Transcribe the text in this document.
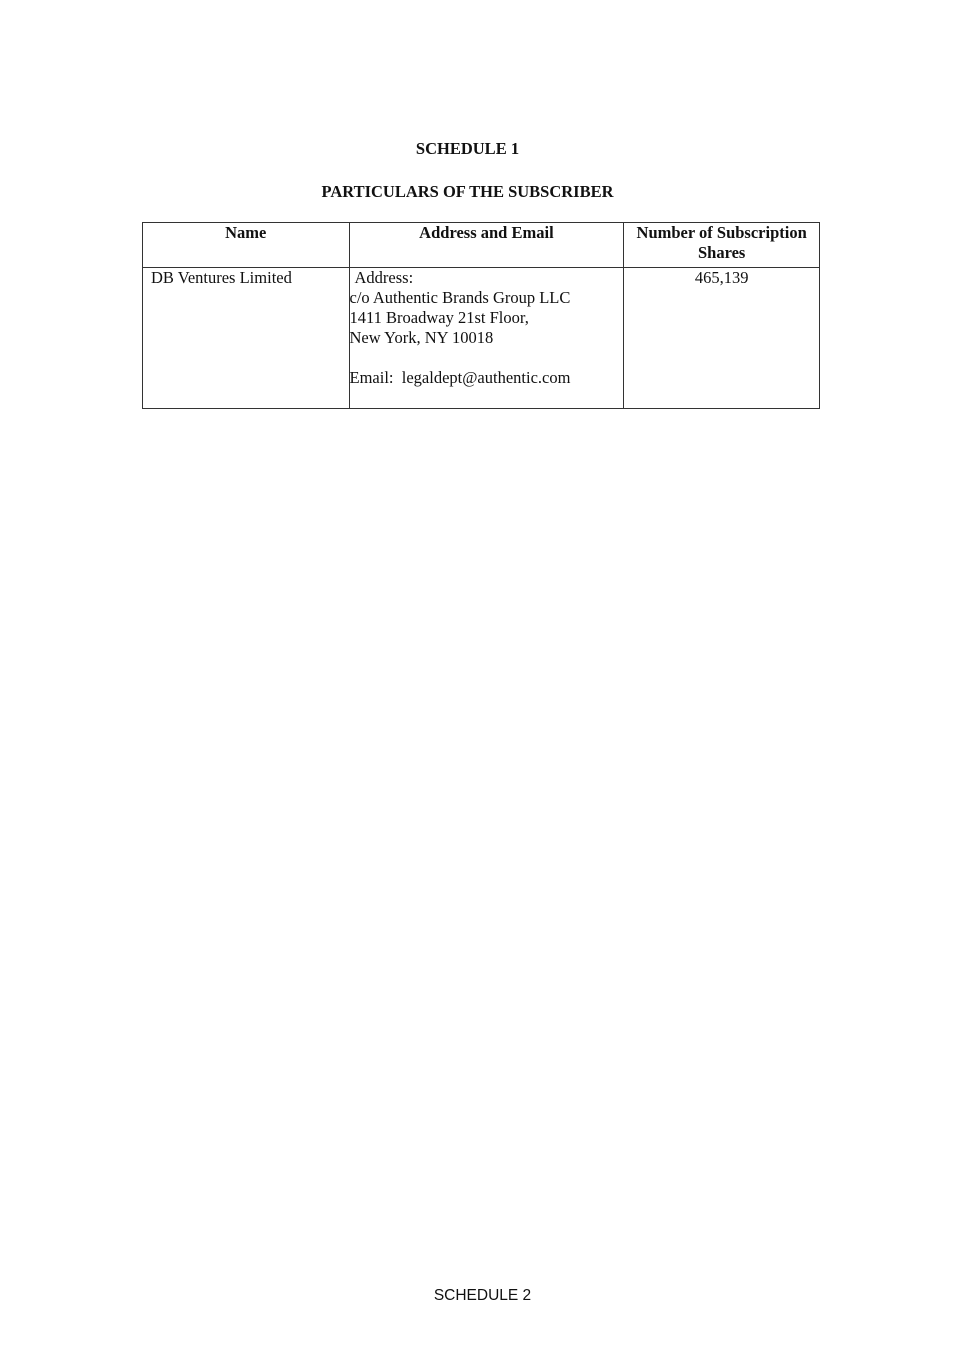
SCHEDULE 1
PARTICULARS OF THE SUBSCRIBER
Name	Address and Email	Number of Subscription
Shares
DB Ventures Limited	Address:
c/o Authentic Brands Group LLC
1411 Broadway 21st Floor,
New York, NY 10018
Email:  legaldept@authentic.com	465,139

SCHEDULE 2
